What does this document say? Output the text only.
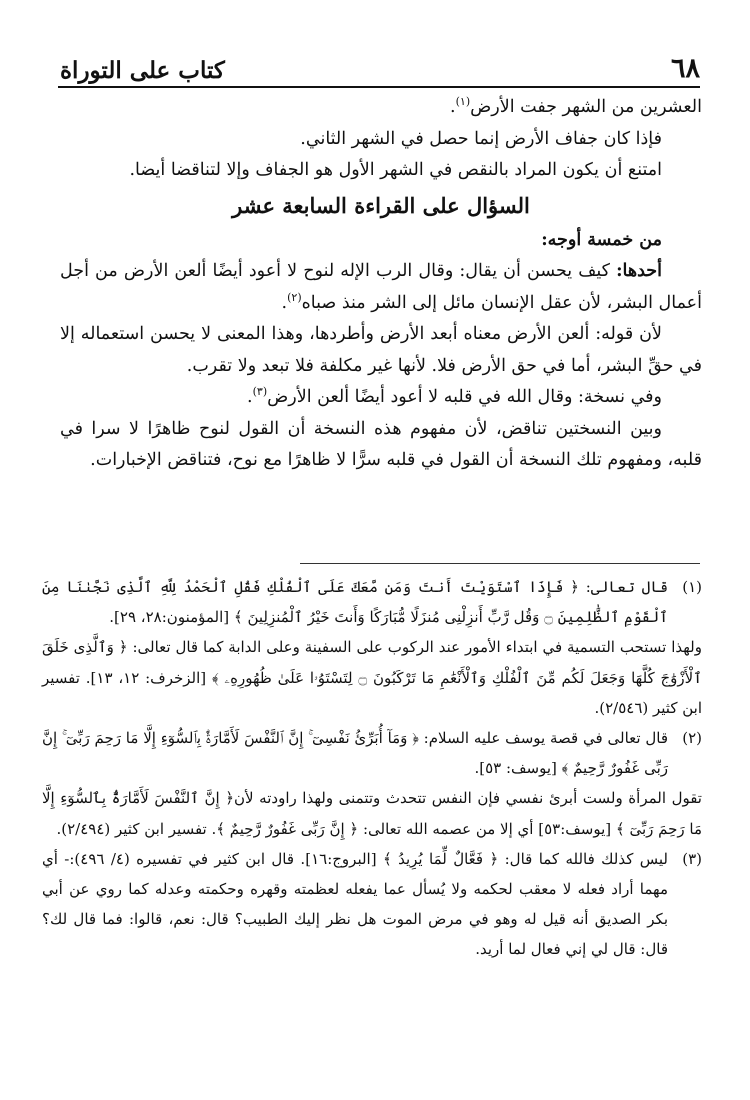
٦٨
كتاب على التوراة

العشرين من الشهر جفت الأرض$^{(١)}$.

فإذا كان جفاف الأرض إنما حصل في الشهر الثاني.

امتنع أن يكون المراد بالنقص في الشهر الأول هو الجفاف وإلا لتناقضا أيضا.

السؤال على القراءة السابعة عشر

من خمسة أوجه:

أحدها: كيف يحسن أن يقال: وقال الرب الإله لنوح لا أعود أيضًا ألعن الأرض من أجل أعمال البشر، لأن عقل الإنسان مائل إلى الشر منذ صباه$^{(٢)}$.

لأن قوله: ألعن الأرض معناه أبعد الأرض وأطردها، وهذا المعنى لا يحسن استعماله إلا في حقِّ البشر، أما في حق الأرض فلا. لأنها غير مكلفة فلا تبعد ولا تقرب.

وفي نسخة: وقال الله في قلبه لا أعود أيضًا ألعن الأرض$^{(٣)}$.

وبين النسختين تناقض، لأن مفهوم هذه النسخة أن القول لنوح ظاهرًا لا سرا في قلبه، ومفهوم تلك النسخة أن القول في قلبه سرًّا لا ظاهرًا مع نوح، فتناقض الإخبارات.

(١)
قال تعالى: ﴿ فَإِذَا ٱسْتَوَيْتَ أَنتَ وَمَن مَّعَكَ عَلَى ٱلْفُلْكِ فَقُلِ ٱلْحَمْدُ لِلَّهِ ٱلَّذِى نَجَّىٰنَا مِنَ ٱلْقَوْمِ ٱلظَّٰلِمِينَ ۝ وَقُل رَّبِّ أَنزِلْنِى مُنزَلًا مُّبَارَكًا وَأَنتَ خَيْرُ ٱلْمُنزِلِينَ ﴾ [المؤمنون:٢٨، ٢٩].

ولهذا تستحب التسمية في ابتداء الأمور عند الركوب على السفينة وعلى الدابة كما قال تعالى: ﴿ وَٱلَّذِى خَلَقَ ٱلْأَزْوَٰجَ كُلَّهَا وَجَعَلَ لَكُم مِّنَ ٱلْفُلْكِ وَٱلْأَنْعَٰمِ مَا تَرْكَبُونَ ۝ لِتَسْتَوُۥا عَلَىٰ ظُهُورِهِۦ ﴾ [الزخرف: ١٢، ١٣]. تفسير ابن كثير (٢/٥٤٦).

(٢)
قال تعالى في قصة يوسف عليه السلام: ﴿ وَمَآ أُبَرِّئُ نَفْسِىٓ ۚ إِنَّ ٱلنَّفْسَ لَأَمَّارَةٌۢ بِٱلسُّوٓءِ إِلَّا مَا رَحِمَ رَبِّىٓ ۚ إِنَّ رَبِّى غَفُورٌ رَّحِيمٌ ﴾ [يوسف: ٥٣].

تقول المرأة ولست أبرئ نفسي فإن النفس تتحدث وتتمنى ولهذا راودته لأن﴿ إِنَّ ٱلنَّفْسَ لَأَمَّارَةٌۢ بِٱلسُّوٓءِ إِلَّا مَا رَحِمَ رَبِّىٓ ﴾ [يوسف:٥٣] أي إلا من عصمه الله تعالى: ﴿ إِنَّ رَبِّى غَفُورٌ رَّحِيمٌ ﴾. تفسير ابن كثير (٢/٤٩٤).

(٣)
ليس كذلك فالله كما قال: ﴿ فَعَّالٌ لِّمَا يُرِيدُ ﴾ [البروج:١٦]. قال ابن كثير في تفسيره (٤/ ٤٩٦):- أي مهما أراد فعله لا معقب لحكمه ولا يُسأل عما يفعله لعظمته وقهره وحكمته وعدله كما روي عن أبي بكر الصديق أنه قيل له وهو في مرض الموت هل نظر إليك الطبيب؟ قال: نعم، قالوا: فما قال لك؟ قال: قال لي إني فعال لما أريد.
